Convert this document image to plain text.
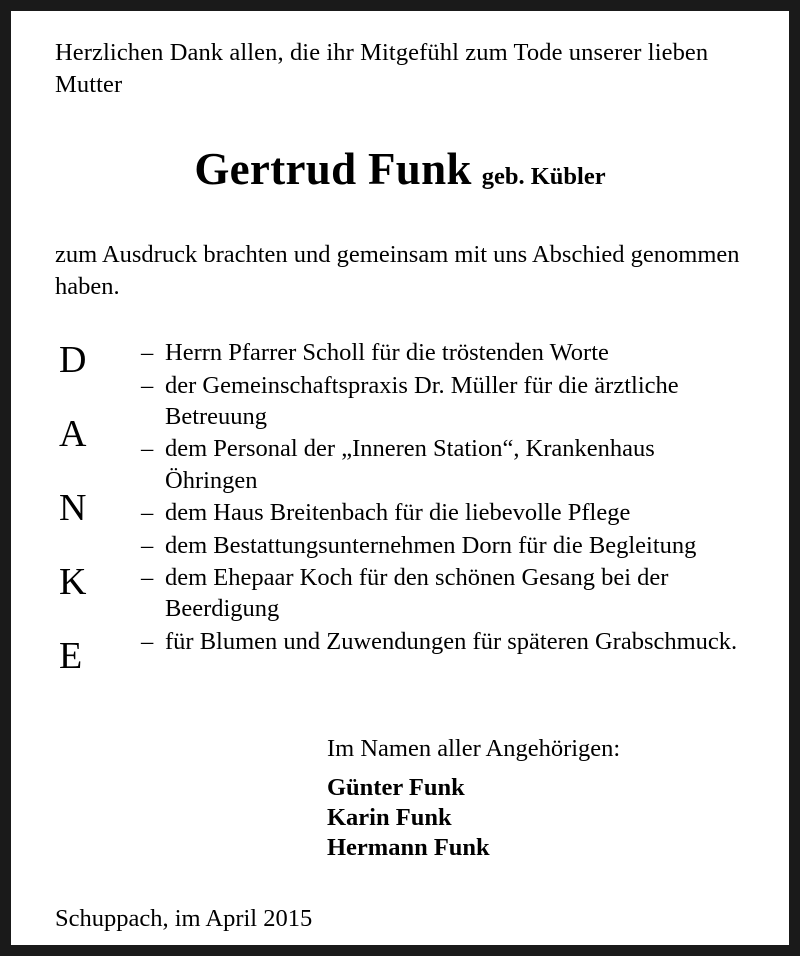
Herzlichen Dank allen, die ihr Mitgefühl zum Tode unserer lieben Mutter
Gertrud Funk geb. Kübler
zum Ausdruck brachten und gemeinsam mit uns Abschied genommen haben.
D
A
N
K
E
– Herrn Pfarrer Scholl für die tröstenden Worte
– der Gemeinschaftspraxis Dr. Müller für die ärztliche Betreuung
– dem Personal der „Inneren Station“, Krankenhaus Öhringen
– dem Haus Breitenbach für die liebevolle Pflege
– dem Bestattungsunternehmen Dorn für die Begleitung
– dem Ehepaar Koch für den schönen Gesang bei der Beerdigung
– für Blumen und Zuwendungen für späteren Grabschmuck.
Im Namen aller Angehörigen:
Günter Funk
Karin Funk
Hermann Funk
Schuppach, im April 2015
